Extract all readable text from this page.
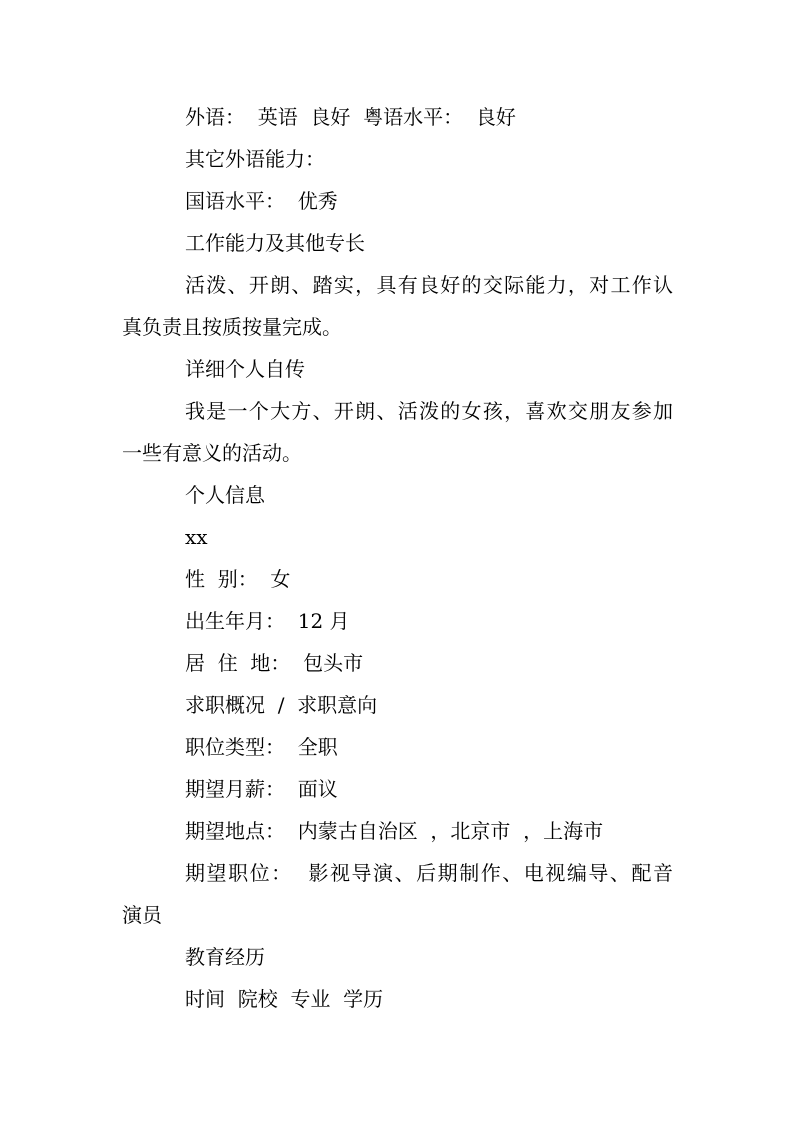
外语：  英语  良好  粤语水平：  良好

其它外语能力：

国语水平：  优秀

工作能力及其他专长

活泼、开朗、踏实，具有良好的交际能力，对工作认

真负责且按质按量完成。

详细个人自传

我是一个大方、开朗、活泼的女孩，喜欢交朋友参加

一些有意义的活动。

个人信息

xx

性  别：  女

出生年月：  12 月

居  住  地：  包头市

求职概况  /  求职意向

职位类型：  全职

期望月薪：  面议

期望地点：  内蒙古自治区  ，北京市  ，上海市

期望职位：  影视导演、后期制作、电视编导、配音

演员

教育经历

时间  院校  专业  学历
